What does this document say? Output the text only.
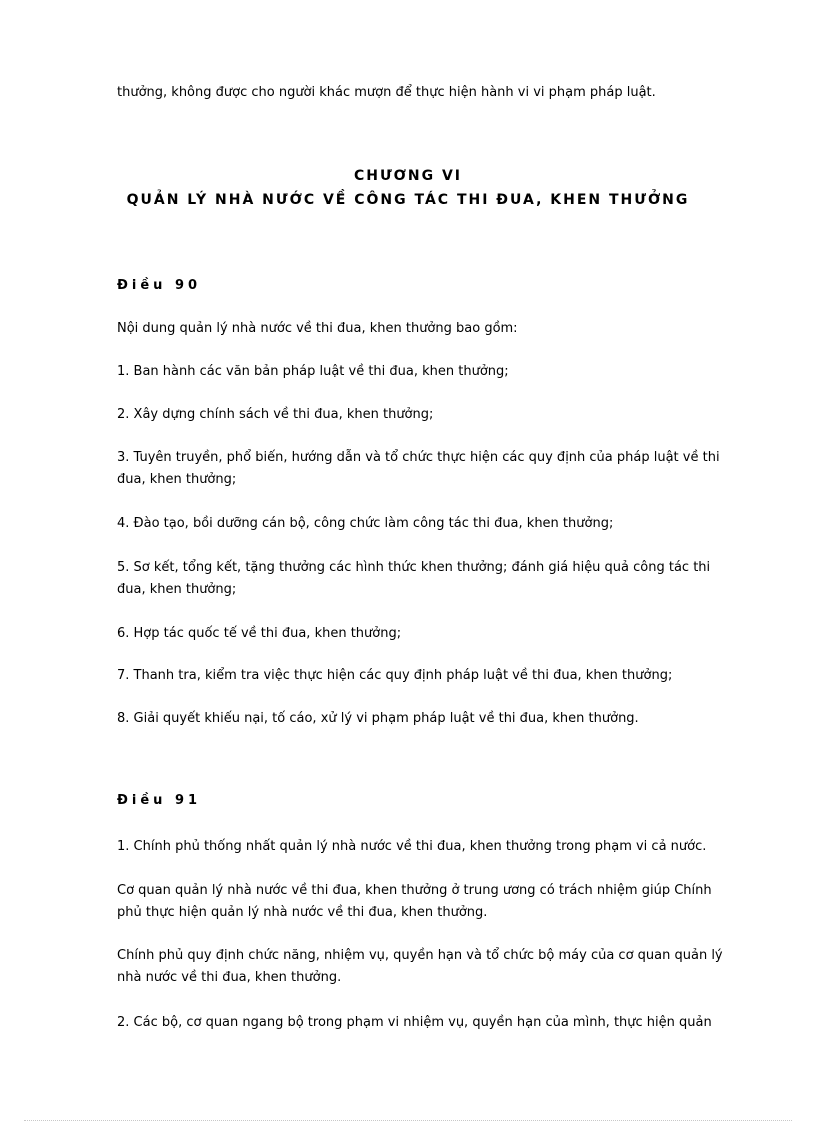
thưởng, không được cho người khác mượn để thực hiện hành vi vi phạm pháp luật.

CHƯƠNG VI

QUẢN LÝ NHÀ NƯỚC VỀ CÔNG TÁC THI ĐUA, KHEN THƯỞNG

Điều 90

Nội dung quản lý nhà nước về thi đua, khen thưởng bao gồm:

1. Ban hành các văn bản pháp luật về thi đua, khen thưởng;

2. Xây dựng chính sách về thi đua, khen thưởng;

3. Tuyên truyền, phổ biến, hướng dẫn và tổ chức thực hiện các quy định của pháp luật về thi đua, khen thưởng;

4. Đào tạo, bồi dưỡng cán bộ, công chức làm công tác thi đua, khen thưởng;

5. Sơ kết, tổng kết, tặng thưởng các hình thức khen thưởng; đánh giá hiệu quả công tác thi đua, khen thưởng;

6. Hợp tác quốc tế về thi đua, khen thưởng;

7. Thanh tra, kiểm tra việc thực hiện các quy định pháp luật về thi đua, khen thưởng;

8. Giải quyết khiếu nại, tố cáo, xử lý vi phạm pháp luật về thi đua, khen thưởng.

Điều 91

1. Chính phủ thống nhất quản lý nhà nước về thi đua, khen thưởng trong phạm vi cả nước.

Cơ quan quản lý nhà nước về thi đua, khen thưởng ở trung ương có trách nhiệm giúp Chính phủ thực hiện quản lý nhà nước về thi đua, khen thưởng.

Chính phủ quy định chức năng, nhiệm vụ, quyền hạn và tổ chức bộ máy của cơ quan quản lý nhà nước về thi đua, khen thưởng.

2. Các bộ, cơ quan ngang bộ trong phạm vi nhiệm vụ, quyền hạn của mình, thực hiện quản
